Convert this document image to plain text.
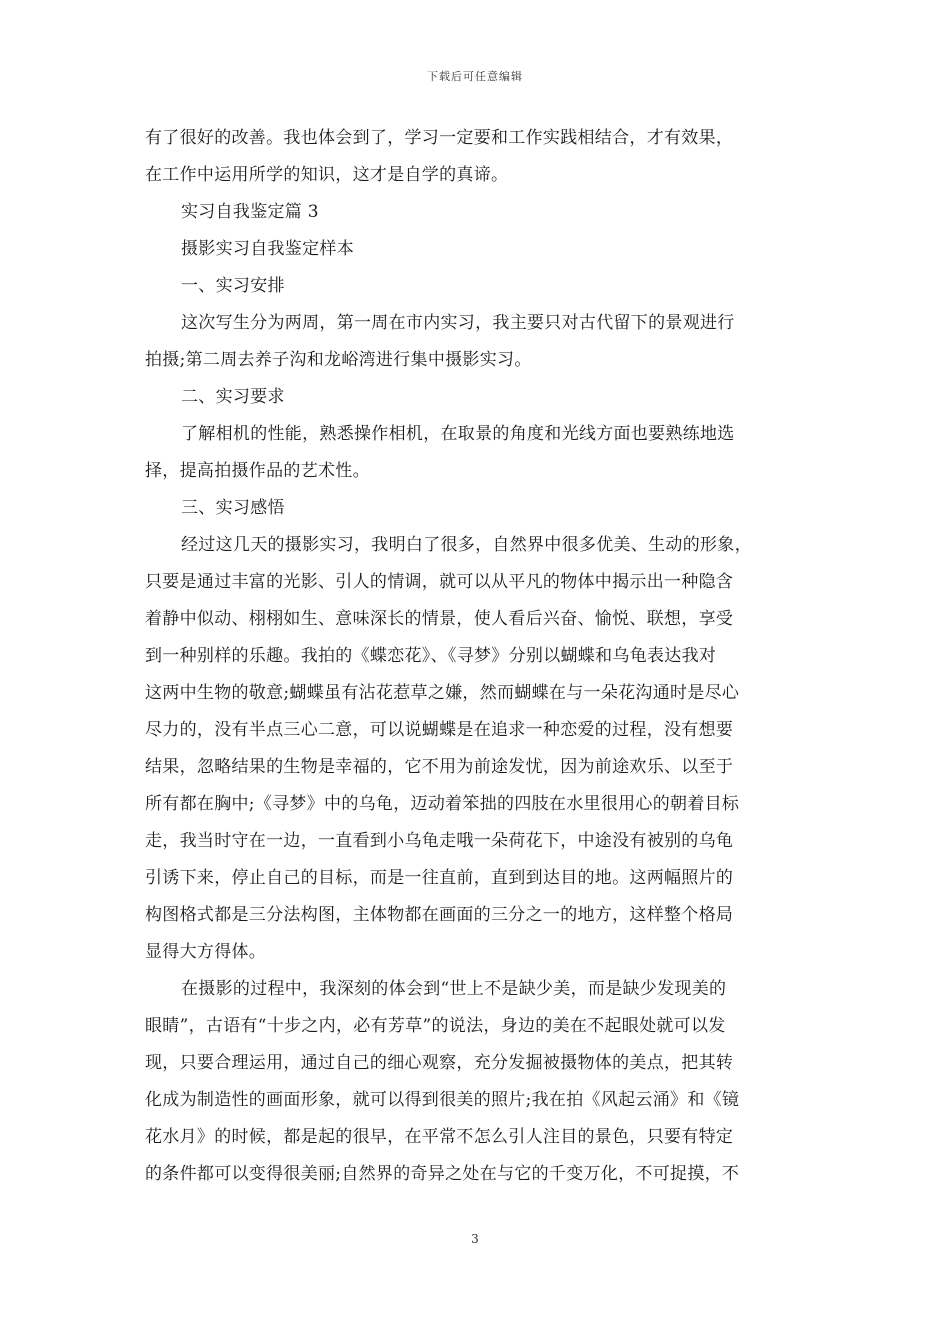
下载后可任意编辑

有了很好的改善。我也体会到了，学习一定要和工作实践相结合，才有效果，
在工作中运用所学的知识，这才是自学的真谛。

实习自我鉴定篇 3

摄影实习自我鉴定样本

一、实习安排

这次写生分为两周，第一周在市内实习，我主要只对古代留下的景观进行
拍摄;第二周去养子沟和龙峪湾进行集中摄影实习。

二、实习要求

了解相机的性能，熟悉操作相机，在取景的角度和光线方面也要熟练地选
择，提高拍摄作品的艺术性。

三、实习感悟

经过这几天的摄影实习，我明白了很多，自然界中很多优美、生动的形象，
只要是通过丰富的光影、引人的情调，就可以从平凡的物体中揭示出一种隐含
着静中似动、栩栩如生、意味深长的情景，使人看后兴奋、愉悦、联想，享受
到一种别样的乐趣。我拍的《蝶恋花》、《寻梦》分别以蝴蝶和乌龟表达我对
这两中生物的敬意;蝴蝶虽有沾花惹草之嫌，然而蝴蝶在与一朵花沟通时是尽心
尽力的，没有半点三心二意，可以说蝴蝶是在追求一种恋爱的过程，没有想要
结果，忽略结果的生物是幸福的，它不用为前途发忧，因为前途欢乐、以至于
所有都在胸中;《寻梦》中的乌龟，迈动着笨拙的四肢在水里很用心的朝着目标
走，我当时守在一边，一直看到小乌龟走哦一朵荷花下，中途没有被别的乌龟
引诱下来，停止自己的目标，而是一往直前，直到到达目的地。这两幅照片的
构图格式都是三分法构图，主体物都在画面的三分之一的地方，这样整个格局
显得大方得体。

在摄影的过程中，我深刻的体会到“世上不是缺少美，而是缺少发现美的
眼睛”，古语有“十步之内，必有芳草”的说法，身边的美在不起眼处就可以发
现，只要合理运用，通过自己的细心观察，充分发掘被摄物体的美点，把其转
化成为制造性的画面形象，就可以得到很美的照片;我在拍《风起云涌》和《镜
花水月》的时候，都是起的很早，在平常不怎么引人注目的景色，只要有特定
的条件都可以变得很美丽;自然界的奇异之处在与它的千变万化，不可捉摸，不

3
